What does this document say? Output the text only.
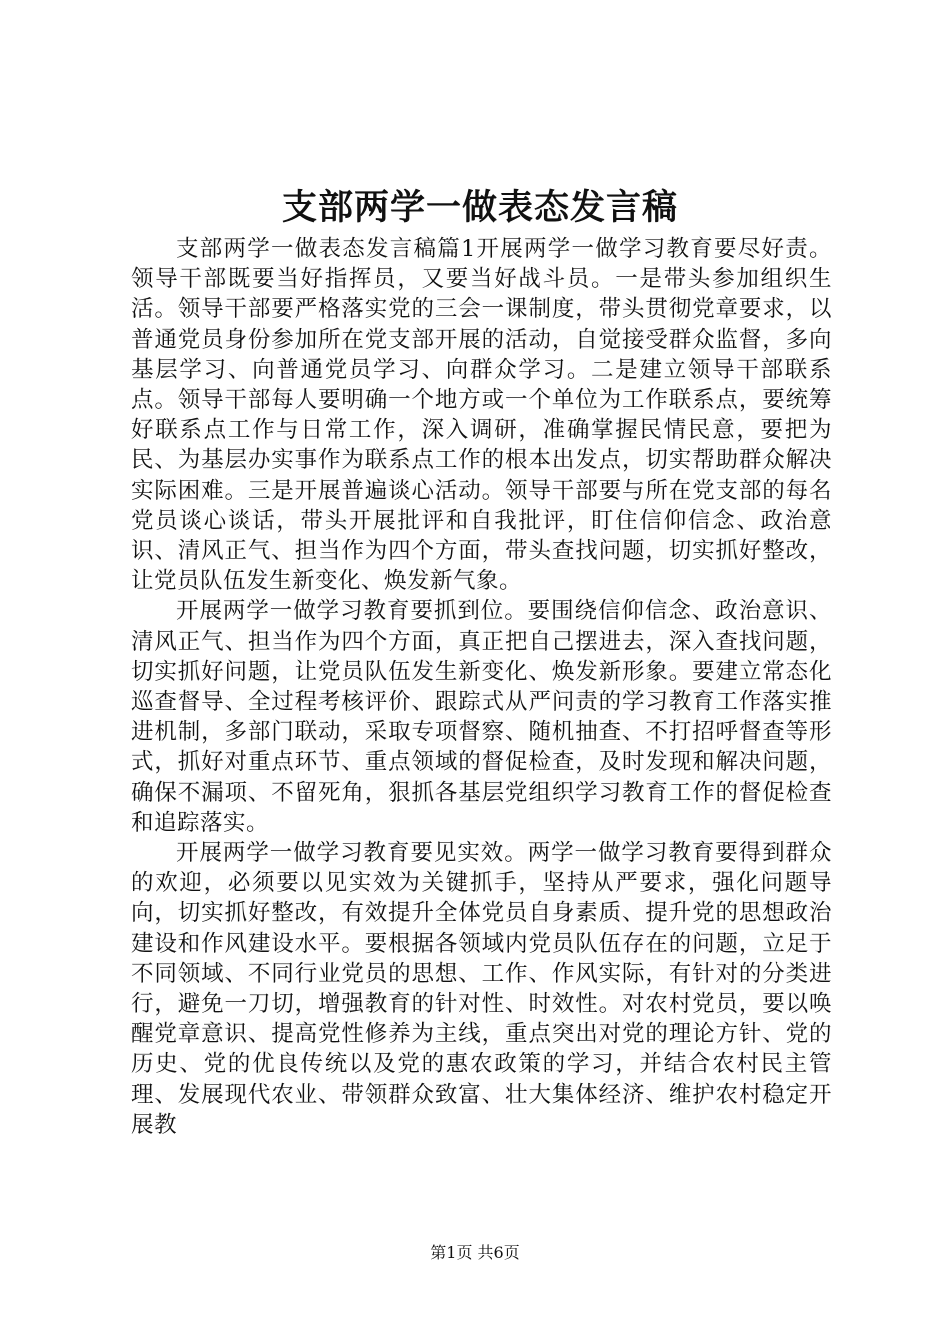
支部两学一做表态发言稿

支部两学一做表态发言稿篇1开展两学一做学习教育要尽好责。领导干部既要当好指挥员，又要当好战斗员。一是带头参加组织生活。领导干部要严格落实党的三会一课制度，带头贯彻党章要求，以普通党员身份参加所在党支部开展的活动，自觉接受群众监督，多向基层学习、向普通党员学习、向群众学习。二是建立领导干部联系点。领导干部每人要明确一个地方或一个单位为工作联系点，要统筹好联系点工作与日常工作，深入调研，准确掌握民情民意，要把为民、为基层办实事作为联系点工作的根本出发点，切实帮助群众解决实际困难。三是开展普遍谈心活动。领导干部要与所在党支部的每名党员谈心谈话，带头开展批评和自我批评，盯住信仰信念、政治意识、清风正气、担当作为四个方面，带头查找问题，切实抓好整改，让党员队伍发生新变化、焕发新气象。

开展两学一做学习教育要抓到位。要围绕信仰信念、政治意识、清风正气、担当作为四个方面，真正把自己摆进去，深入查找问题，切实抓好问题，让党员队伍发生新变化、焕发新形象。要建立常态化巡查督导、全过程考核评价、跟踪式从严问责的学习教育工作落实推进机制，多部门联动，采取专项督察、随机抽查、不打招呼督查等形式，抓好对重点环节、重点领域的督促检查，及时发现和解决问题，确保不漏项、不留死角，狠抓各基层党组织学习教育工作的督促检查和追踪落实。

开展两学一做学习教育要见实效。两学一做学习教育要得到群众的欢迎，必须要以见实效为关键抓手，坚持从严要求，强化问题导向，切实抓好整改，有效提升全体党员自身素质、提升党的思想政治建设和作风建设水平。要根据各领域内党员队伍存在的问题，立足于不同领域、不同行业党员的思想、工作、作风实际，有针对的分类进行，避免一刀切，增强教育的针对性、时效性。对农村党员，要以唤醒党章意识、提高党性修养为主线，重点突出对党的理论方针、党的历史、党的优良传统以及党的惠农政策的学习，并结合农村民主管理、发展现代农业、带领群众致富、壮大集体经济、维护农村稳定开展教

第1页 共6页
